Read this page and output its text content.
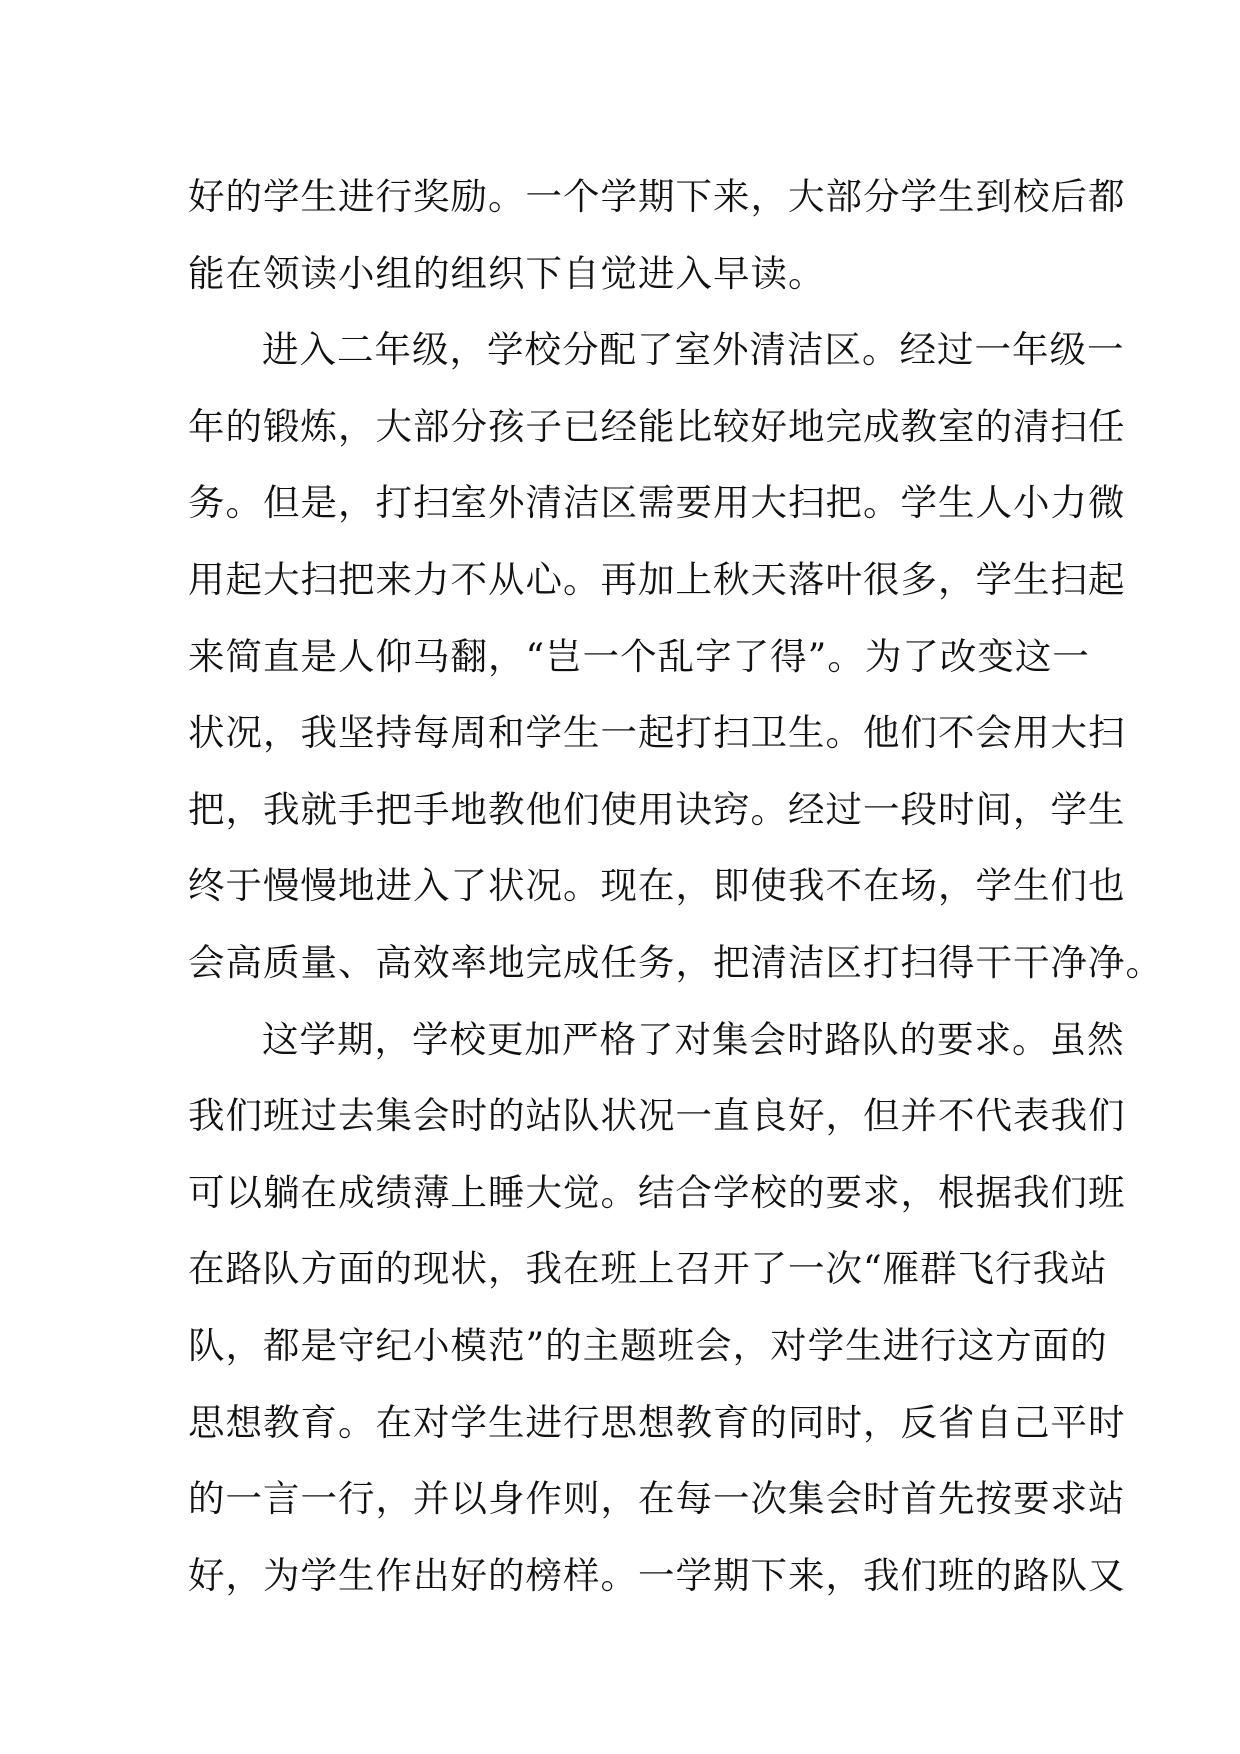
好的学生进行奖励。一个学期下来，大部分学生到校后都
能在领读小组的组织下自觉进入早读。
进入二年级，学校分配了室外清洁区。经过一年级一
年的锻炼，大部分孩子已经能比较好地完成教室的清扫任
务。但是，打扫室外清洁区需要用大扫把。学生人小力微
用起大扫把来力不从心。再加上秋天落叶很多，学生扫起
来简直是人仰马翻，“岂一个乱字了得”。为了改变这一
状况，我坚持每周和学生一起打扫卫生。他们不会用大扫
把，我就手把手地教他们使用诀窍。经过一段时间，学生
终于慢慢地进入了状况。现在，即使我不在场，学生们也
会高质量、高效率地完成任务，把清洁区打扫得干干净净。
这学期，学校更加严格了对集会时路队的要求。虽然
我们班过去集会时的站队状况一直良好，但并不代表我们
可以躺在成绩薄上睡大觉。结合学校的要求，根据我们班
在路队方面的现状，我在班上召开了一次“雁群飞行我站
队，都是守纪小模范”的主题班会，对学生进行这方面的
思想教育。在对学生进行思想教育的同时，反省自己平时
的一言一行，并以身作则，在每一次集会时首先按要求站
好，为学生作出好的榜样。一学期下来，我们班的路队又
